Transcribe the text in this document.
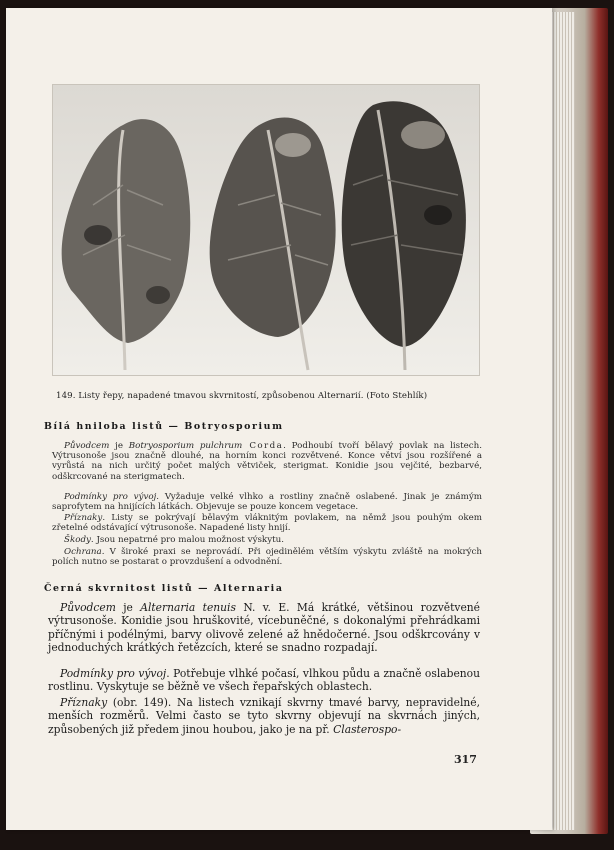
149. Listy řepy, napadené tmavou skvrnitostí, způsobenou Alternarií. (Foto Stehlík)
Bílá hniloba listů — Botryosporium
Původcem je Botryosporium pulchrum Corda. Podhoubí tvoří bělavý povlak na listech. Výtrusonoše jsou značně dlouhé, na horním konci rozvětvené. Konce větví jsou rozšířené a vyrůstá na nich určitý počet malých větviček, sterigmat. Konidie jsou vejčité, bezbarvé, odškrcované na sterigmatech.
Podmínky pro vývoj. Vyžaduje velké vlhko a rostliny značně oslabené. Jinak je známým saprofytem na hnijících látkách. Objevuje se pouze koncem vegetace.
Příznaky. Listy se pokrývají bělavým vláknitým povlakem, na němž jsou pouhým okem zřetelné odstávající výtrusonoše. Napadené listy hnijí.
Škody. Jsou nepatrné pro malou možnost výskytu.
Ochrana. V široké praxi se neprovádí. Při ojedinělém větším výskytu zvláště na mokrých polích nutno se postarat o provzdušení a odvodnění.
Černá skvrnitost listů — Alternaria
Původcem je Alternaria tenuis N. v. E. Má krátké, většinou rozvětvené výtrusonoše. Konidie jsou hruškovité, vícebuněčné, s dokonalými přehrádkami příčnými i podélnými, barvy olivově zelené až hnědočerné. Jsou odškrcovány v jednoduchých krátkých řetězcích, které se snadno rozpadají.
Podmínky pro vývoj. Potřebuje vlhké počasí, vlhkou půdu a značně oslabenou rostlinu. Vyskytuje se běžně ve všech řepařských oblastech.
Příznaky (obr. 149). Na listech vznikají skvrny tmavé barvy, nepravidelné, menších rozměrů. Velmi často se tyto skvrny objevují na skvrnách jiných, způsobených již předem jinou houbou, jako je na př. Clasterospo-
317
